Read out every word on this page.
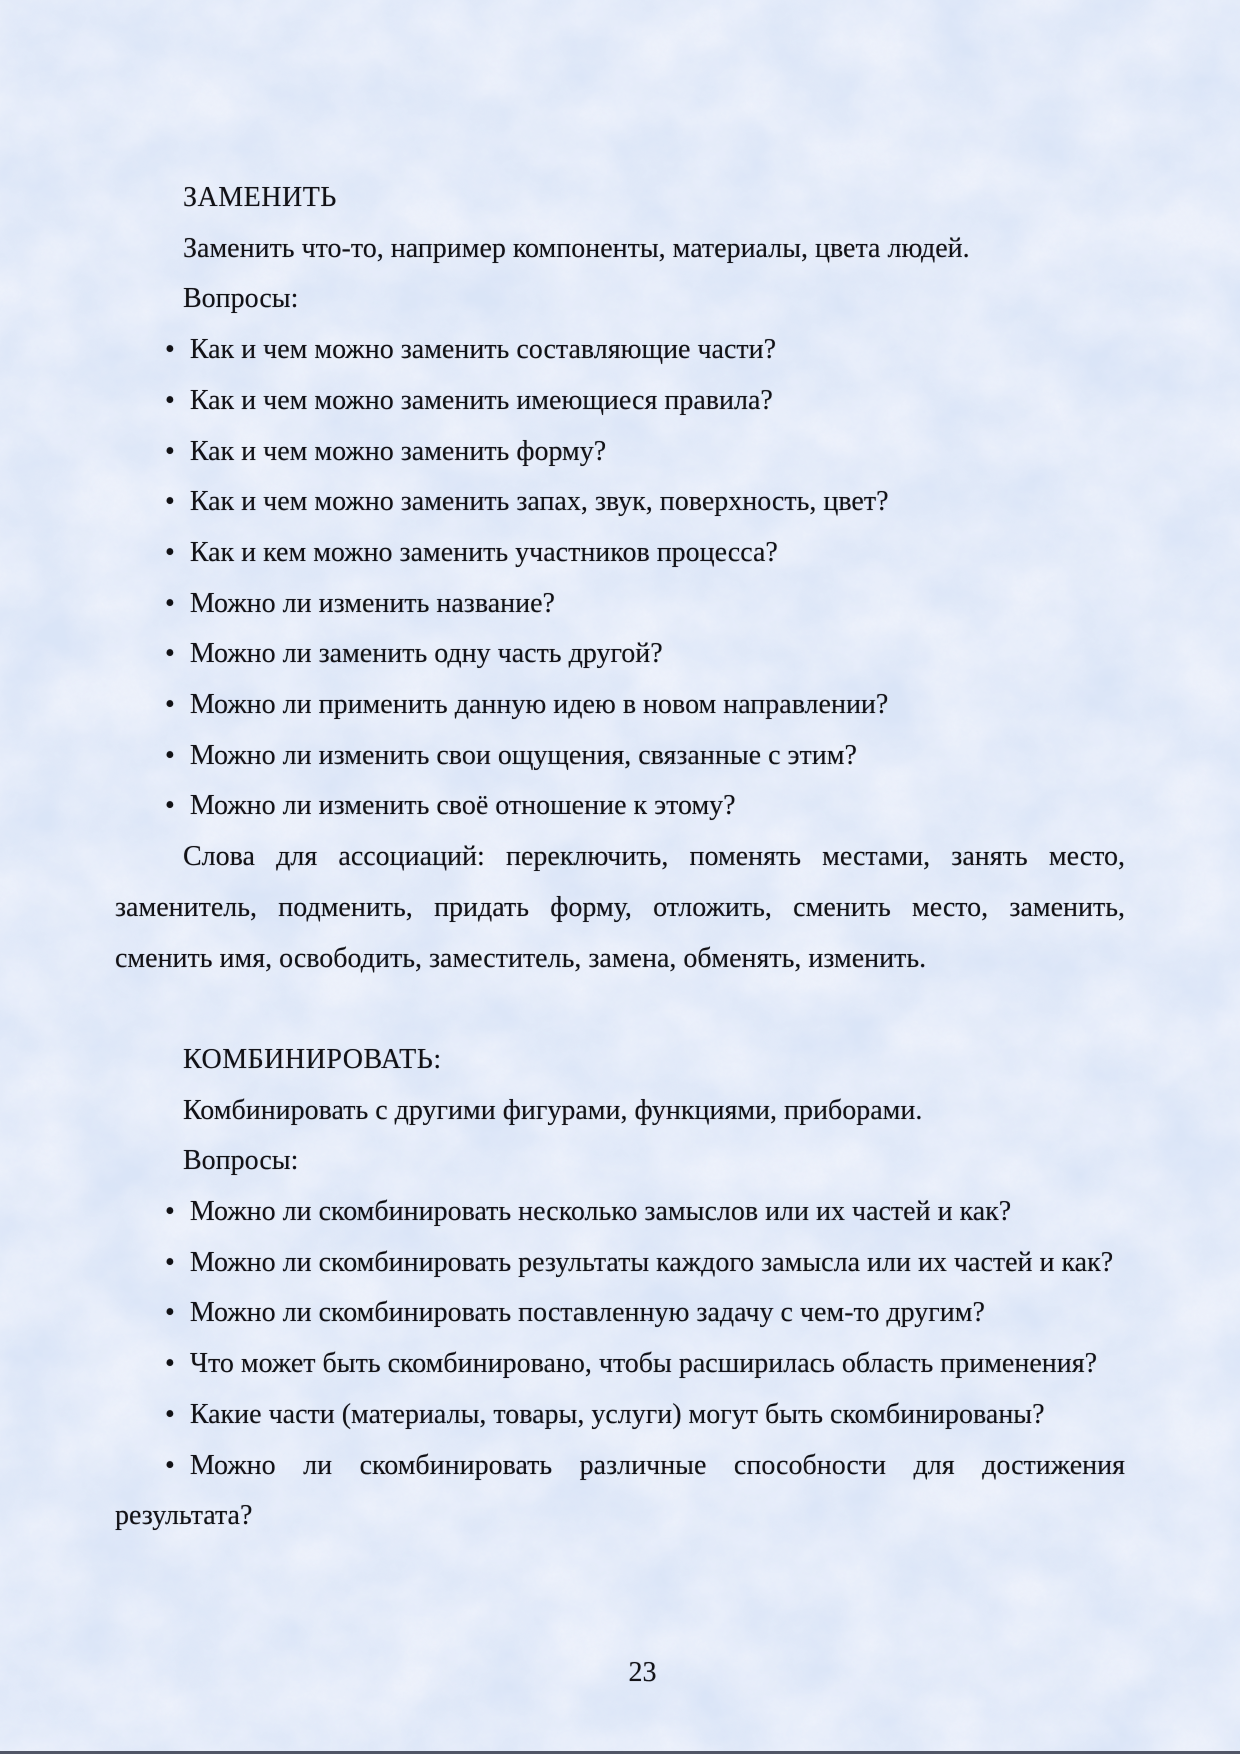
ЗАМЕНИТЬ

Заменить что-то, например компоненты, материалы, цвета людей.

Вопросы:

• Как и чем можно заменить составляющие части?

• Как и чем можно заменить имеющиеся правила?

• Как и чем можно заменить форму?

• Как и чем можно заменить запах, звук, поверхность, цвет?

• Как и кем можно заменить участников процесса?

• Можно ли изменить название?

• Можно ли заменить одну часть другой?

• Можно ли применить данную идею в новом направлении?

• Можно ли изменить свои ощущения, связанные с этим?

• Можно ли изменить своё отношение к этому?

Слова для ассоциаций: переключить, поменять местами, занять место, заменитель, подменить, придать форму, отложить, сменить место, заменить, сменить имя, освободить, заместитель, замена, обменять, изменить.

КОМБИНИРОВАТЬ:

Комбинировать с другими фигурами, функциями, приборами.

Вопросы:

• Можно ли скомбинировать несколько замыслов или их частей и как?

• Можно ли скомбинировать результаты каждого замысла или их частей и как?

• Можно ли скомбинировать поставленную задачу с чем-то другим?

• Что может быть скомбинировано, чтобы расширилась область применения?

• Какие части (материалы, товары, услуги) могут быть скомбинированы?

• Можно ли скомбинировать различные способности для достижения результата?

23
